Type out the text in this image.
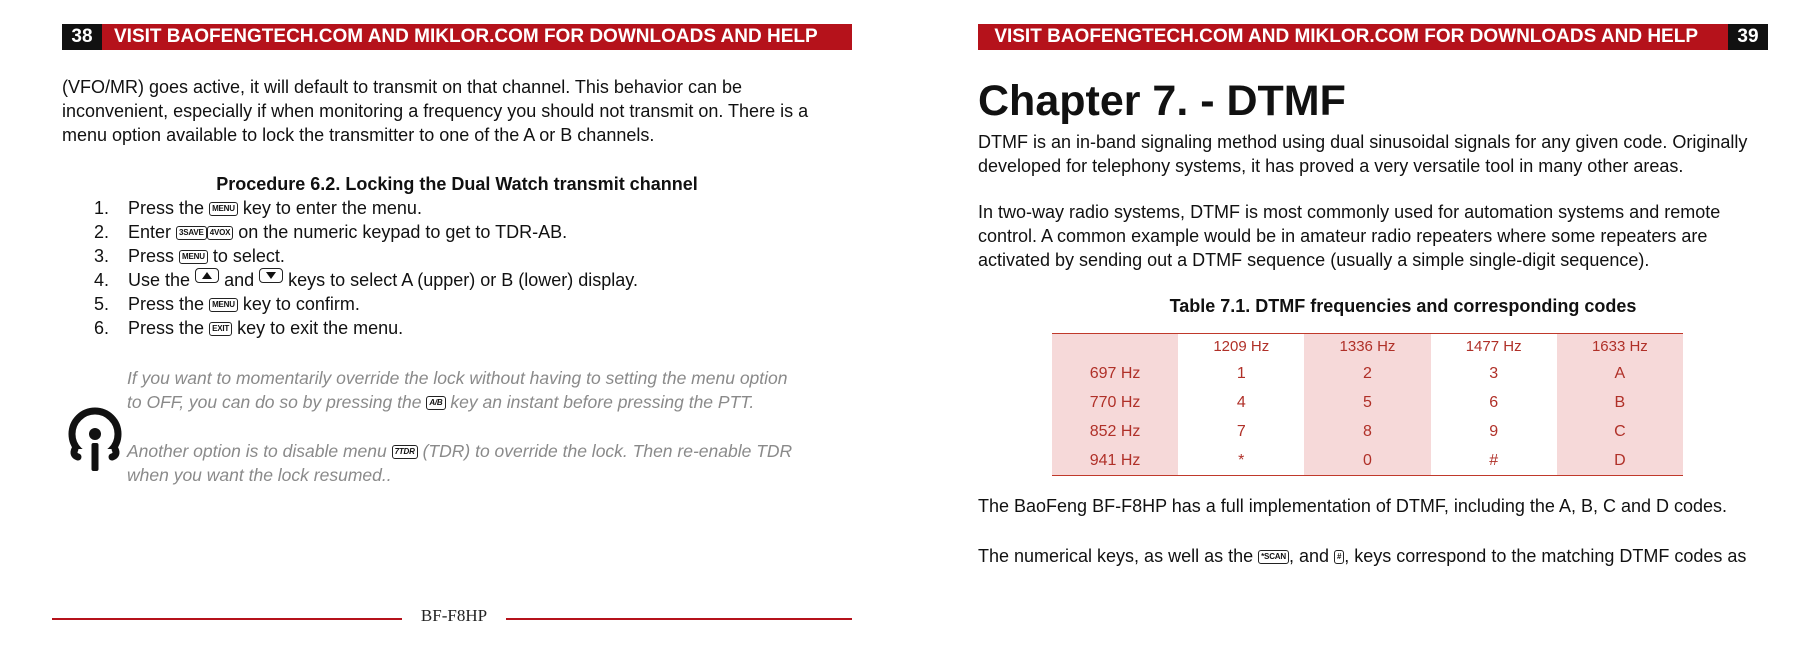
38 VISIT BAOFENGTECH.COM AND MIKLOR.COM FOR DOWNLOADS AND HELP

(VFO/MR) goes active, it will default to transmit on that channel. This behavior can be
inconvenient, especially if when monitoring a frequency you should not transmit on. There is a
menu option available to lock the transmitter to one of the A or B channels.

Procedure 6.2. Locking the Dual Watch transmit channel
1. Press the MENU key to enter the menu.
2. Enter 3SAVE 4VOX on the numeric keypad to get to TDR-AB.
3. Press MENU to select.
4. Use the and keys to select A (upper) or B (lower) display.
5. Press the MENU key to confirm.
6. Press the EXIT key to exit the menu.
If you want to momentarily override the lock without having to setting the menu option
to OFF, you can do so by pressing the A/B key an instant before pressing the PTT.
Another option is to disable menu 7TDR (TDR) to override the lock. Then re-enable TDR
when you want the lock resumed..
BF-F8HP
VISIT BAOFENGTECH.COM AND MIKLOR.COM FOR DOWNLOADS AND HELP	39
Chapter 7. - DTMF

DTMF is an in-band signaling method using dual sinusoidal signals for any given code. Originally
developed for telephony systems, it has proved a very versatile tool in many other areas.

In two-way radio systems, DTMF is most commonly used for automation systems and remote
control. A common example would be in amateur radio repeaters where some repeaters are
activated by sending out a DTMF sequence (usually a simple single-digit sequence).

Table 7.1. DTMF frequencies and corresponding codes
	1209 Hz	1336 Hz	1477 Hz	1633 Hz
697 Hz	1	2	3	A
770 Hz	4	5	6	B
852 Hz	7	8	9	C
941 Hz	*	0	#	D

The BaoFeng BF-F8HP has a full implementation of DTMF, including the A, B, C and D codes.

The numerical keys, as well as the *SCAN , and # , keys correspond to the matching DTMF codes as
